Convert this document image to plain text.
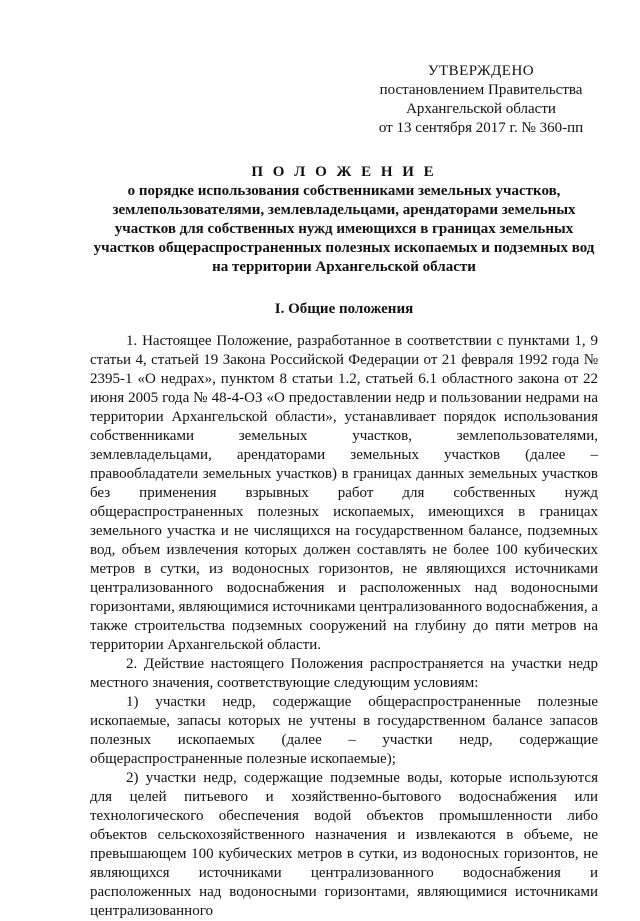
УТВЕРЖДЕНО
постановлением Правительства
Архангельской области
от 13 сентября 2017 г. № 360-пп
П О Л О Ж Е Н И Е
о порядке использования собственниками земельных участков, землепользователями, землевладельцами, арендаторами земельных участков для собственных нужд имеющихся в границах земельных участков общераспространенных полезных ископаемых и подземных вод на территории Архангельской области
I. Общие положения

1. Настоящее Положение, разработанное в соответствии с пунктами 1, 9 статьи 4, статьей 19 Закона Российской Федерации от 21 февраля 1992 года № 2395-1 «О недрах», пунктом 8 статьи 1.2, статьей 6.1 областного закона от 22 июня 2005 года № 48-4-ОЗ «О предоставлении недр и пользовании недрами на территории Архангельской области», устанавливает порядок использования собственниками земельных участков, землепользователями, землевладельцами, арендаторами земельных участков (далее – правообладатели земельных участков) в границах данных земельных участков без применения взрывных работ для собственных нужд общераспространенных полезных ископаемых, имеющихся в границах земельного участка и не числящихся на государственном балансе, подземных вод, объем извлечения которых должен составлять не более 100 кубических метров в сутки, из водоносных горизонтов, не являющихся источниками централизованного водоснабжения и расположенных над водоносными горизонтами, являющимися источниками централизованного водоснабжения, а также строительства подземных сооружений на глубину до пяти метров на территории Архангельской области.

2. Действие настоящего Положения распространяется на участки недр местного значения, соответствующие следующим условиям:

1) участки недр, содержащие общераспространенные полезные ископаемые, запасы которых не учтены в государственном балансе запасов полезных ископаемых (далее – участки недр, содержащие общераспространенные полезные ископаемые);

2) участки недр, содержащие подземные воды, которые используются для целей питьевого и хозяйственно-бытового водоснабжения или технологического обеспечения водой объектов промышленности либо объектов сельскохозяйственного назначения и извлекаются в объеме, не превышающем 100 кубических метров в сутки, из водоносных горизонтов, не являющихся источниками централизованного водоснабжения и расположенных над водоносными горизонтами, являющимися источниками централизованного
